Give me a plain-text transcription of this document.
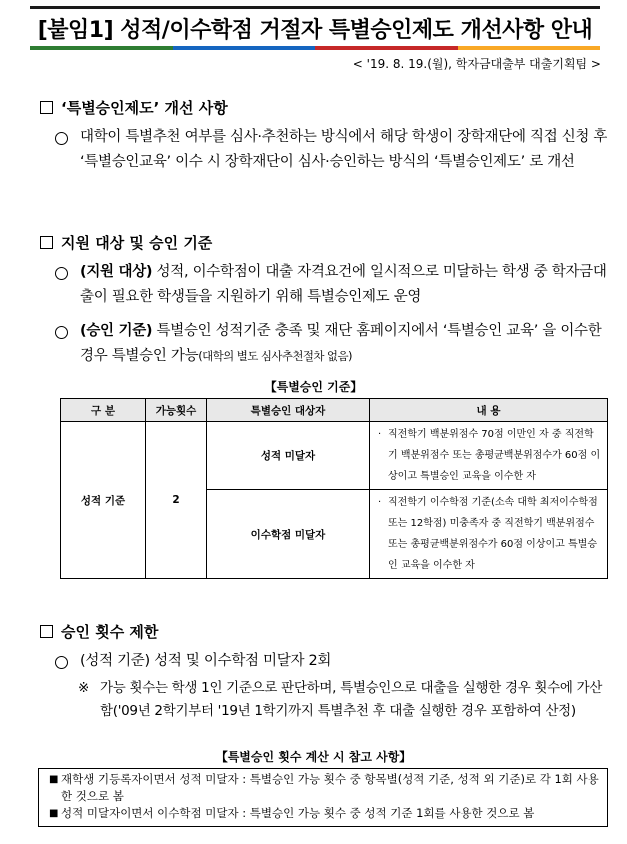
[붙임1] 성적/이수학점 거절자 특별승인제도 개선사항 안내
< '19. 8. 19.(월), 학자금대출부 대출기획팀 >
‘특별승인제도’ 개선 사항
대학이 특별추천 여부를 심사·추천하는 방식에서 해당 학생이 장학재단에 직접 신청 후 ‘특별승인교육’ 이수 시 장학재단이 심사·승인하는 방식의 ‘특별승인제도’ 로 개선
지원 대상 및 승인 기준
(지원 대상) 성적, 이수학점이 대출 자격요건에 일시적으로 미달하는 학생 중 학자금대출이 필요한 학생들을 지원하기 위해 특별승인제도 운영
(승인 기준) 특별승인 성적기준 충족 및 재단 홈페이지에서 ‘특별승인 교육’ 을 이수한 경우 특별승인 가능(대학의 별도 심사추천절차 없음)
【특별승인 기준】
구 분	가능횟수	특별승인 대상자	내 용
성적 기준	2	성적 미달자	· 직전학기 백분위점수 70점 이만인 자 중 직전학기 백분위점수 또는 총평균백분위점수가 60점 이상이고 특별승인 교육을 이수한 자
		이수학점 미달자	· 직전학기 이수학점 기준(소속 대학 최저이수학점 또는 12학점) 미충족자 중 직전학기 백분위점수 또는 총평균백분위점수가 60점 이상이고 특별승인 교육을 이수한 자
승인 횟수 제한
(성적 기준) 성적 및 이수학점 미달자 2회
※ 가능 횟수는 학생 1인 기준으로 판단하며, 특별승인으로 대출을 실행한 경우 횟수에 가산함('09년 2학기부터 '19년 1학기까지 특별추천 후 대출 실행한 경우 포함하여 산정)
【특별승인 횟수 계산 시 참고 사항】
■ 재학생 기등록자이면서 성적 미달자 : 특별승인 가능 횟수 중 항목별(성적 기준, 성적 외 기준)로 각 1회 사용한 것으로 봄
■ 성적 미달자이면서 이수학점 미달자 : 특별승인 가능 횟수 중 성적 기준 1회를 사용한 것으로 봄
